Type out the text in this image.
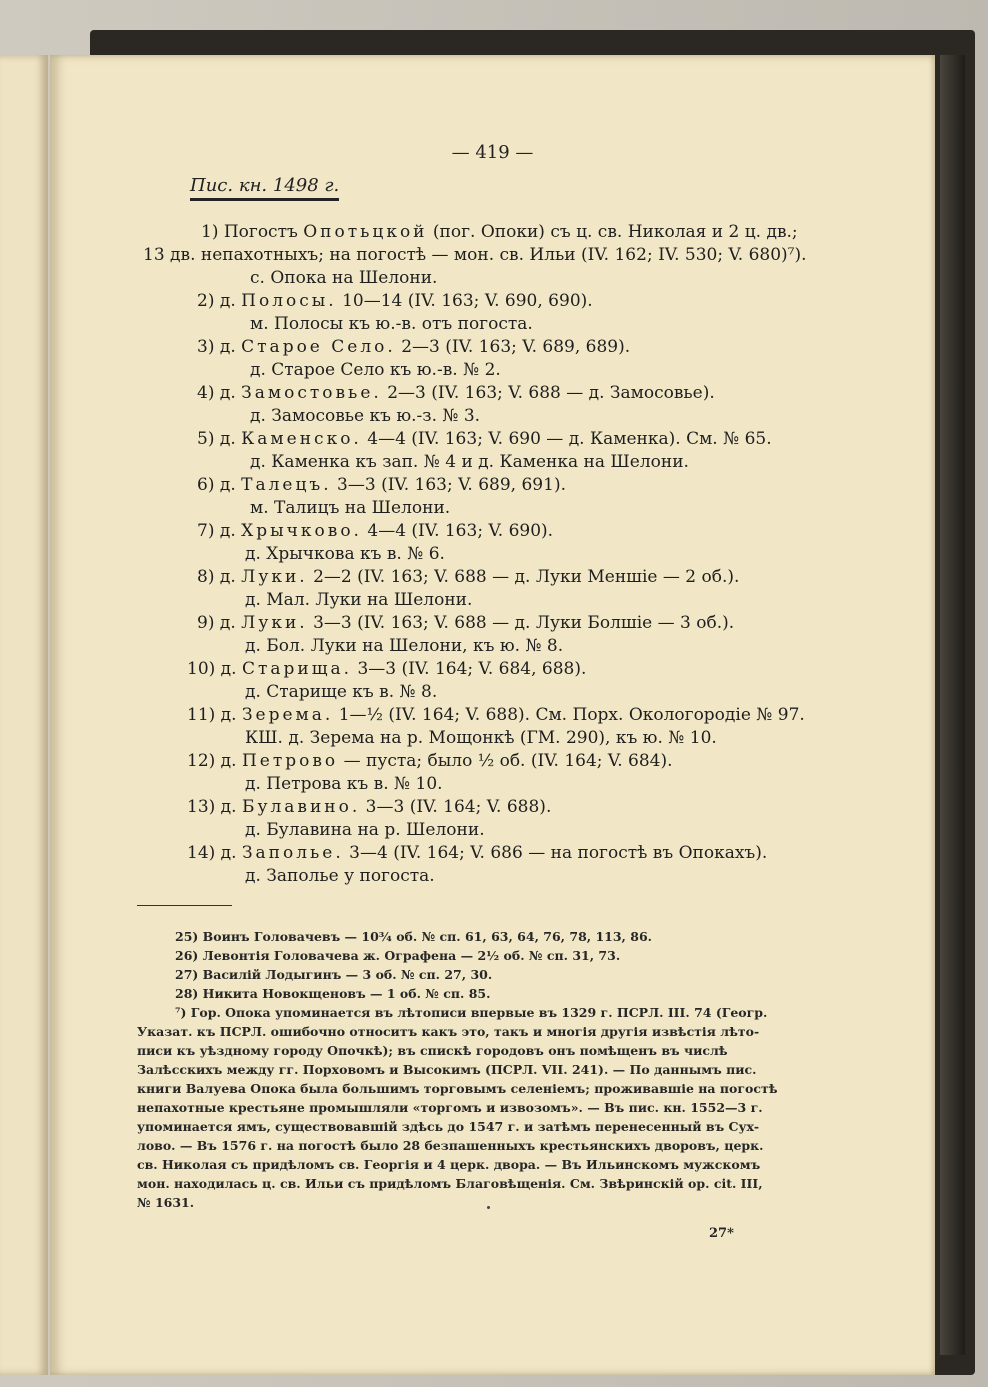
— 419 —
Пис. кн. 1498 г.
1) Погостъ Опотьцкой (пог. Опоки) съ ц. св. Николая и 2 ц. дв.;
13 дв. непахотныхъ; на погостѣ — мон. св. Ильи (IV. 162; IV. 530; V. 680)⁷).
с. Опока на Шелони.
2) д. Полосы. 10—14 (IV. 163; V. 690, 690).
м. Полосы къ ю.-в. отъ погоста.
3) д. Старое Село. 2—3 (IV. 163; V. 689, 689).
д. Старое Село къ ю.-в. № 2.
4) д. Замостовье. 2—3 (IV. 163; V. 688 — д. Замосовье).
д. Замосовье къ ю.-з. № 3.
5) д. Каменско. 4—4 (IV. 163; V. 690 — д. Каменка). См. № 65.
д. Каменка къ зап. № 4 и д. Каменка на Шелони.
6) д. Талецъ. 3—3 (IV. 163; V. 689, 691).
м. Талицъ на Шелони.
7) д. Хрычково. 4—4 (IV. 163; V. 690).
д. Хрычкова къ в. № 6.
8) д. Луки. 2—2 (IV. 163; V. 688 — д. Луки Меншіе — 2 об.).
д. Мал. Луки на Шелони.
9) д. Луки. 3—3 (IV. 163; V. 688 — д. Луки Болшіе — 3 об.).
д. Бол. Луки на Шелони, къ ю. № 8.
10) д. Старища. 3—3 (IV. 164; V. 684, 688).
д. Старище къ в. № 8.
11) д. Зерема. 1—½ (IV. 164; V. 688). См. Порх. Окологородіе № 97.
КШ. д. Зерема на р. Мощонкѣ (ГМ. 290), къ ю. № 10.
12) д. Петрово — пуста; было ½ об. (IV. 164; V. 684).
д. Петрова къ в. № 10.
13) д. Булавино. 3—3 (IV. 164; V. 688).
д. Булавина на р. Шелони.
14) д. Заполье. 3—4 (IV. 164; V. 686 — на погостѣ въ Опокахъ).
д. Заполье у погоста.
25) Воинъ Головачевъ — 10¾ об. № сп. 61, 63, 64, 76, 78, 113, 86.
26) Левонтія Головачева ж. Ографена — 2½ об. № сп. 31, 73.
27) Василій Лодыгинъ — 3 об. № сп. 27, 30.
28) Никита Новокщеновъ — 1 об. № сп. 85.
⁷) Гор. Опока упоминается въ лѣтописи впервые въ 1329 г. ПСРЛ. III. 74 (Геогр.
Указат. къ ПСРЛ. ошибочно относитъ какъ это, такъ и многія другія извѣстія лѣто-
писи къ уѣздному городу Опочкѣ); въ спискѣ городовъ онъ помѣщенъ въ числѣ
Залѣсскихъ между гг. Порховомъ и Высокимъ (ПСРЛ. VII. 241). — По даннымъ пис.
книги Валуева Опока была большимъ торговымъ селеніемъ; проживавшіе на погостѣ
непахотные крестьяне промышляли «торгомъ и извозомъ». — Въ пис. кн. 1552—3 г.
упоминается ямъ, существовавшій здѣсь до 1547 г. и затѣмъ перенесенный въ Сух-
лово. — Въ 1576 г. на погостѣ было 28 безпашенныхъ крестьянскихъ дворовъ, церк.
св. Николая съ придѣломъ св. Георгія и 4 церк. двора. — Въ Ильинскомъ мужскомъ
мон. находилась ц. св. Ильи съ придѣломъ Благовѣщенія. См. Звѣринскій ор. cit. III,
№ 1631.
27*
